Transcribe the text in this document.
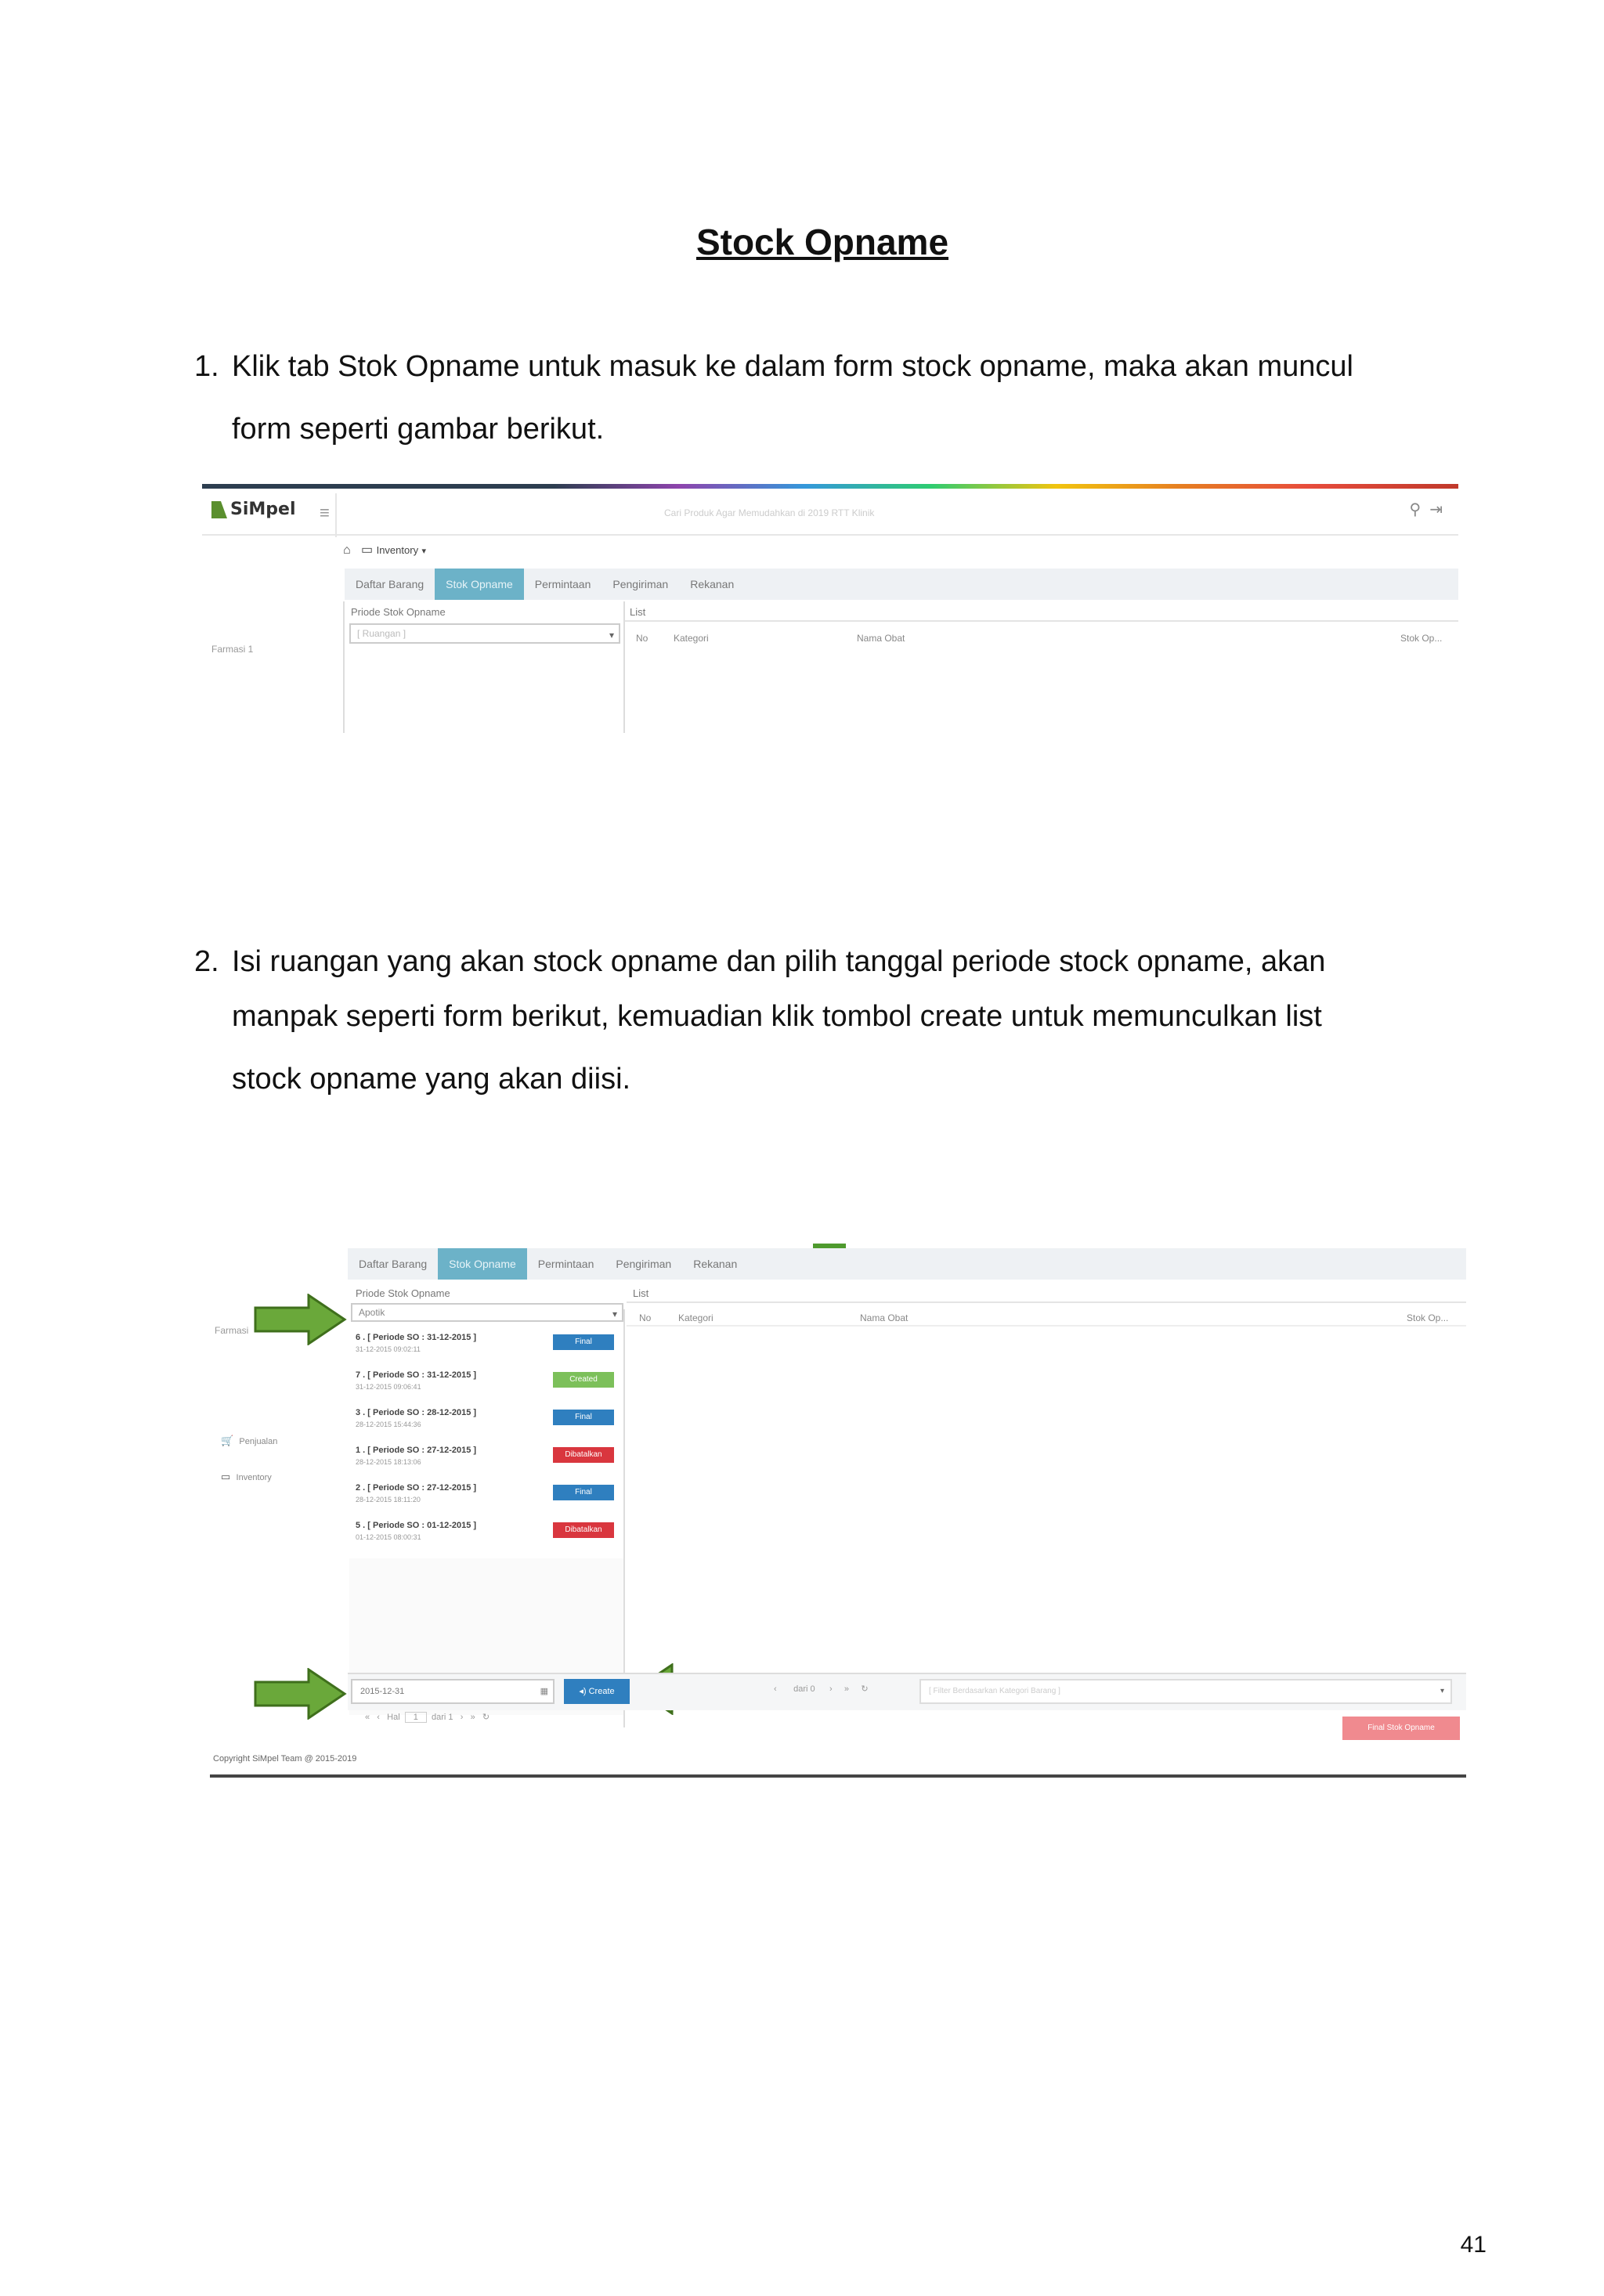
Stock Opname
1. Klik tab Stok Opname untuk masuk ke dalam form stock opname, maka akan muncul
form seperti gambar berikut.
SiMpel ≡	Cari Produk Agar Memudahkan di 2019 RTT Klinik	⚲ ⇥
⌂ ▭ Inventory ▾
Daftar Barang	Stok Opname	Permintaan	Pengiriman	Rekanan
Farmasi 1
Priode Stok Opname
[ Ruangan ]	▾
List
No	Kategori	Nama Obat	Stok Op...
2. Isi ruangan yang akan stock opname dan pilih tanggal periode stock opname, akan
manpak seperti form berikut, kemuadian klik tombol create untuk memunculkan list
stock opname yang akan diisi.
Daftar Barang	Stok Opname	Permintaan	Pengiriman	Rekanan
Priode Stok Opname
Apotik	▾
List
No	Kategori	Nama Obat	Stok Op...
Farmasi
🛒 Penjualan
▭ Inventory
6 . [ Periode SO : 31-12-2015 ]
31-12-2015 09:02:11
Final
7 . [ Periode SO : 31-12-2015 ]
31-12-2015 09:06:41
Created
3 . [ Periode SO : 28-12-2015 ]
28-12-2015 15:44:36
Final
1 . [ Periode SO : 27-12-2015 ]
28-12-2015 18:13:06
Dibatalkan
2 . [ Periode SO : 27-12-2015 ]
28-12-2015 18:11:20
Final
5 . [ Periode SO : 01-12-2015 ]
01-12-2015 08:00:31
Dibatalkan
« ‹ Hal 1 dari 1 › » ↻
2015-12-31	▦	◂) Create	‹ dari 0 › » ↻	[ Filter Berdasarkan Kategori Barang ]	▾
Final Stok Opname
Copyright SiMpel Team @ 2015-2019
41
